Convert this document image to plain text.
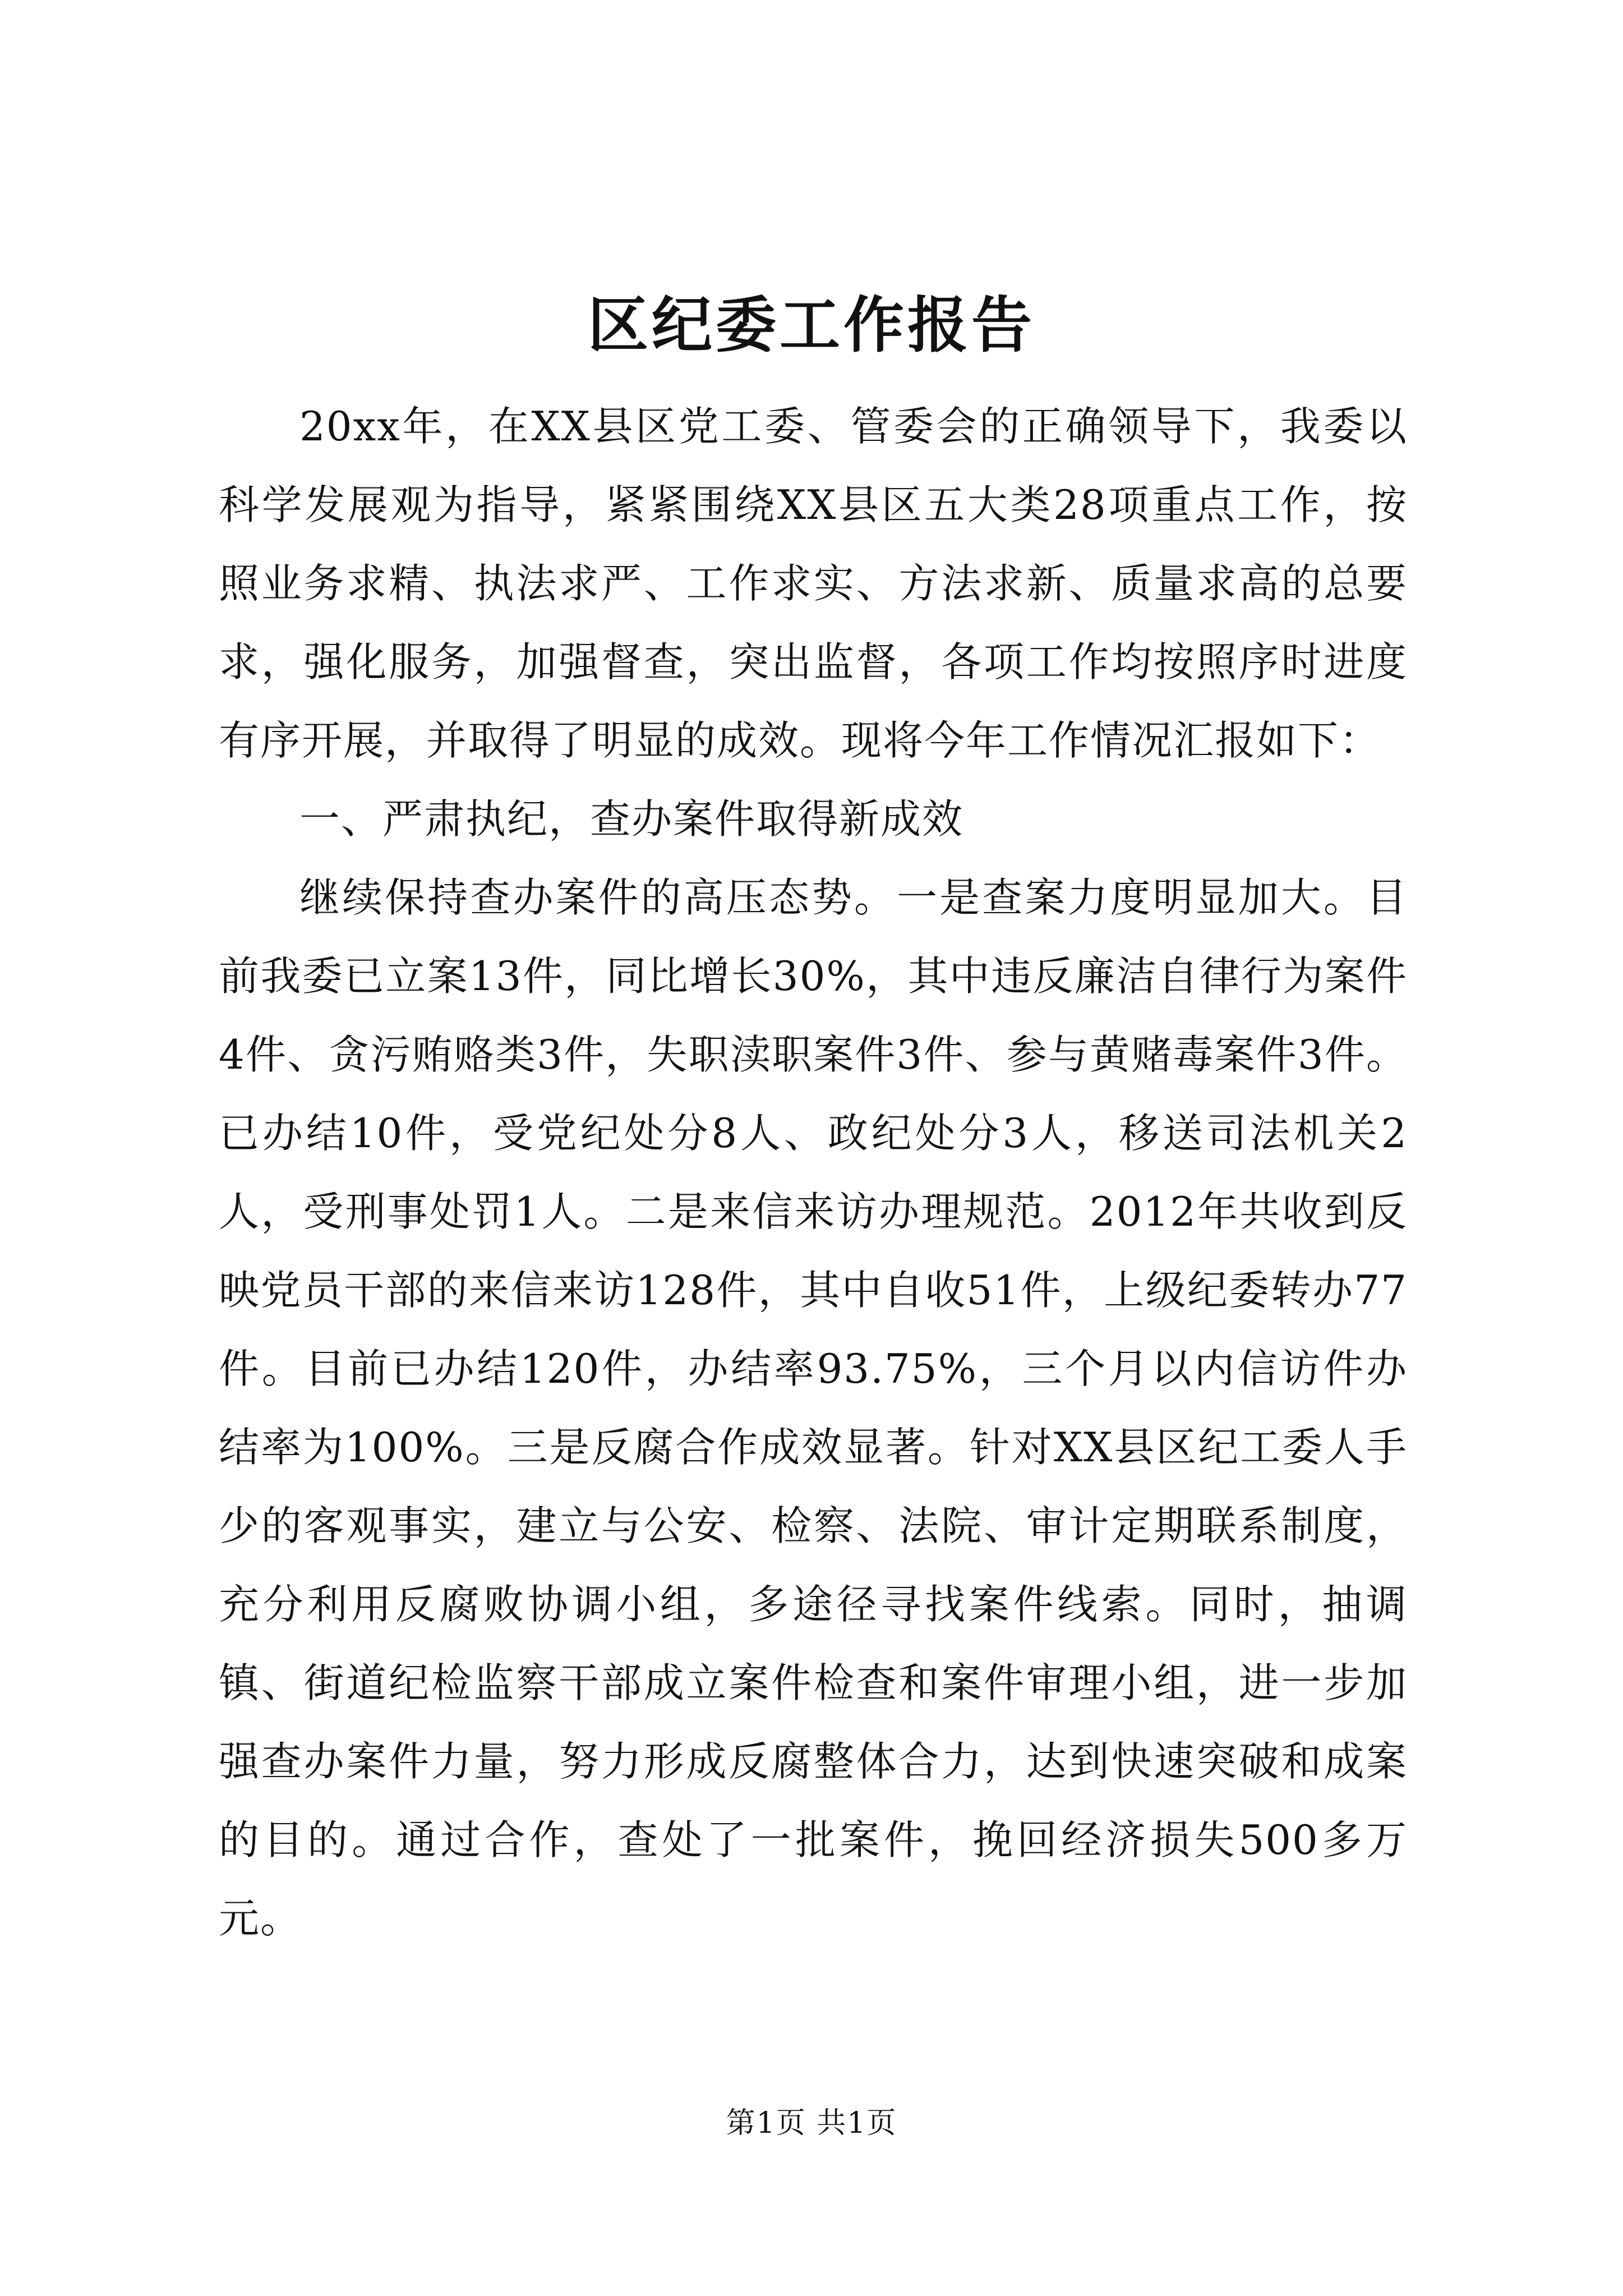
区纪委工作报告

20xx年，在XX县区党工委、管委会的正确领导下，我委以科学发展观为指导，紧紧围绕XX县区五大类28项重点工作，按照业务求精、执法求严、工作求实、方法求新、质量求高的总要求，强化服务，加强督查，突出监督，各项工作均按照序时进度有序开展，并取得了明显的成效。现将今年工作情况汇报如下：

一、严肃执纪，查办案件取得新成效

继续保持查办案件的高压态势。一是查案力度明显加大。目前我委已立案13件，同比增长30%，其中违反廉洁自律行为案件4件、贪污贿赂类3件，失职渎职案件3件、参与黄赌毒案件3件。已办结10件，受党纪处分8人、政纪处分3人，移送司法机关2人，受刑事处罚1人。二是来信来访办理规范。2012年共收到反映党员干部的来信来访128件，其中自收51件，上级纪委转办77件。目前已办结120件，办结率93.75%，三个月以内信访件办结率为100%。三是反腐合作成效显著。针对XX县区纪工委人手少的客观事实，建立与公安、检察、法院、审计定期联系制度，充分利用反腐败协调小组，多途径寻找案件线索。同时，抽调镇、街道纪检监察干部成立案件检查和案件审理小组，进一步加强查办案件力量，努力形成反腐整体合力，达到快速突破和成案的目的。通过合作，查处了一批案件，挽回经济损失500多万元。

第1页 共1页
